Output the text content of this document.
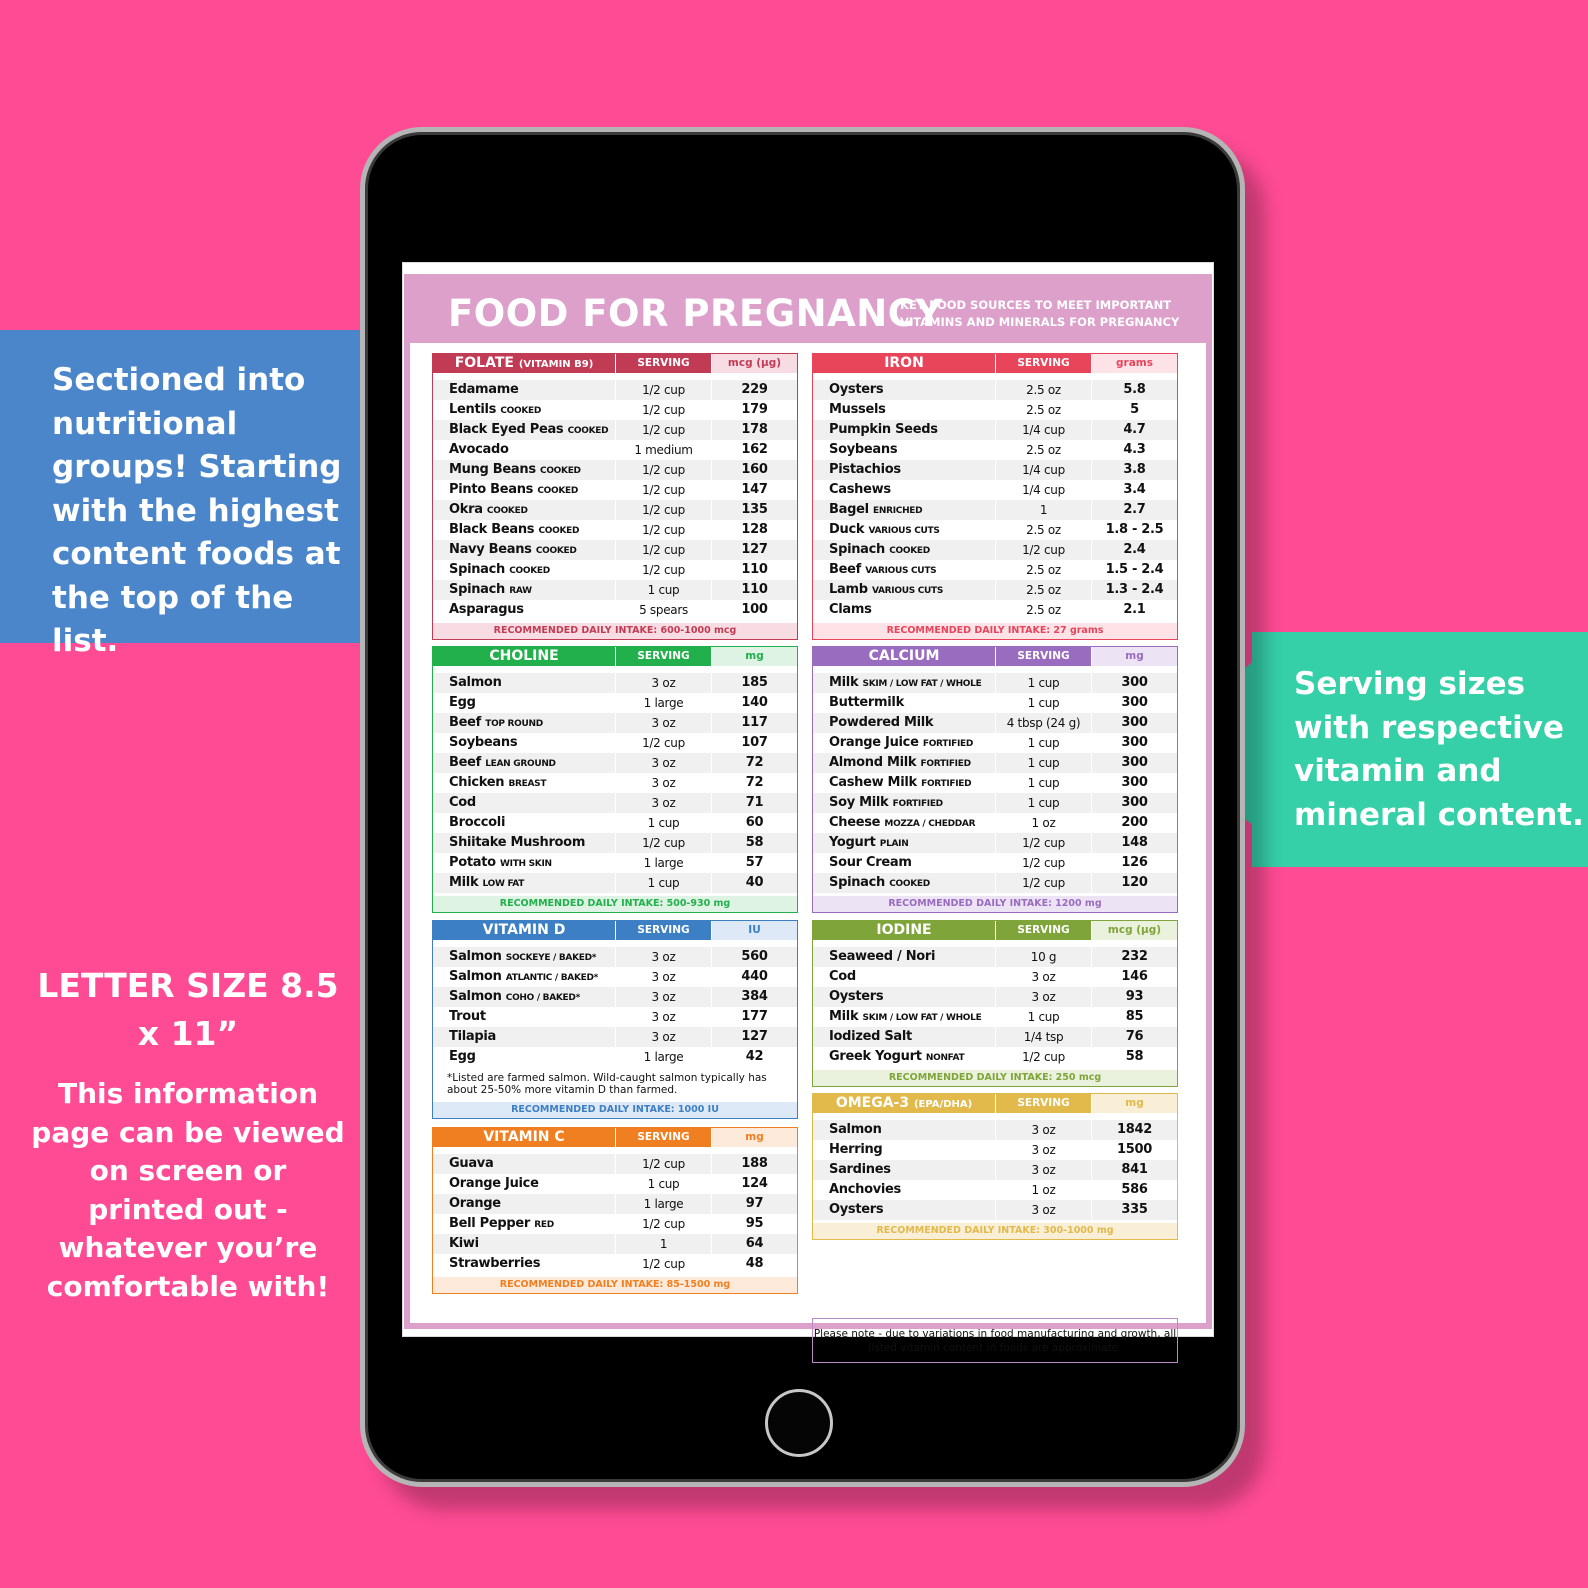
Sectioned into nutritional groups! Starting with the highest content foods at the top of the list.
Serving sizes with respective vitamin and mineral content.
LETTER SIZE 8.5 x 11”
This information page can be viewed on screen or printed out - whatever you’re comfortable with!
FOOD FOR PREGNANCY
KEY FOOD SOURCES TO MEET IMPORTANT VITAMINS AND MINERALS FOR PREGNANCY
Please note - due to variations in food manufacturing and growth, all listed vitamin content in foods are approximate.
FOLATE (VITAMIN B9)	SERVING	mcg (µg)
Edamame	1/2 cup	229
Lentils COOKED	1/2 cup	179
Black Eyed Peas COOKED	1/2 cup	178
Avocado	1 medium	162
Mung Beans COOKED	1/2 cup	160
Pinto Beans COOKED	1/2 cup	147
Okra COOKED	1/2 cup	135
Black Beans COOKED	1/2 cup	128
Navy Beans COOKED	1/2 cup	127
Spinach COOKED	1/2 cup	110
Spinach RAW	1 cup	110
Asparagus	5 spears	100
RECOMMENDED DAILY INTAKE: 600-1000 mcg
IRON	SERVING	grams
Oysters	2.5 oz	5.8
Mussels	2.5 oz	5
Pumpkin Seeds	1/4 cup	4.7
Soybeans	2.5 oz	4.3
Pistachios	1/4 cup	3.8
Cashews	1/4 cup	3.4
Bagel ENRICHED	1	2.7
Duck VARIOUS CUTS	2.5 oz	1.8 - 2.5
Spinach COOKED	1/2 cup	2.4
Beef VARIOUS CUTS	2.5 oz	1.5 - 2.4
Lamb VARIOUS CUTS	2.5 oz	1.3 - 2.4
Clams	2.5 oz	2.1
RECOMMENDED DAILY INTAKE: 27 grams
CHOLINE	SERVING	mg
Salmon	3 oz	185
Egg	1 large	140
Beef TOP ROUND	3 oz	117
Soybeans	1/2 cup	107
Beef LEAN GROUND	3 oz	72
Chicken BREAST	3 oz	72
Cod	3 oz	71
Broccoli	1 cup	60
Shiitake Mushroom	1/2 cup	58
Potato WITH SKIN	1 large	57
Milk LOW FAT	1 cup	40
RECOMMENDED DAILY INTAKE: 500-930 mg
CALCIUM	SERVING	mg
Milk SKIM / LOW FAT / WHOLE	1 cup	300
Buttermilk	1 cup	300
Powdered Milk	4 tbsp (24 g)	300
Orange Juice FORTIFIED	1 cup	300
Almond Milk FORTIFIED	1 cup	300
Cashew Milk FORTIFIED	1 cup	300
Soy Milk FORTIFIED	1 cup	300
Cheese MOZZA / CHEDDAR	1 oz	200
Yogurt PLAIN	1/2 cup	148
Sour Cream	1/2 cup	126
Spinach COOKED	1/2 cup	120
RECOMMENDED DAILY INTAKE: 1200 mg
VITAMIN D	SERVING	IU
Salmon SOCKEYE / BAKED*	3 oz	560
Salmon ATLANTIC / BAKED*	3 oz	440
Salmon COHO / BAKED*	3 oz	384
Trout	3 oz	177
Tilapia	3 oz	127
Egg	1 large	42
*Listed are farmed salmon. Wild-caught salmon typically has about 25-50% more vitamin D than farmed.
RECOMMENDED DAILY INTAKE: 1000 IU
IODINE	SERVING	mcg (µg)
Seaweed / Nori	10 g	232
Cod	3 oz	146
Oysters	3 oz	93
Milk SKIM / LOW FAT / WHOLE	1 cup	85
Iodized Salt	1/4 tsp	76
Greek Yogurt NONFAT	1/2 cup	58
RECOMMENDED DAILY INTAKE: 250 mcg
VITAMIN C	SERVING	mg
Guava	1/2 cup	188
Orange Juice	1 cup	124
Orange	1 large	97
Bell Pepper RED	1/2 cup	95
Kiwi	1	64
Strawberries	1/2 cup	48
RECOMMENDED DAILY INTAKE: 85-1500 mg
OMEGA-3 (EPA/DHA)	SERVING	mg
Salmon	3 oz	1842
Herring	3 oz	1500
Sardines	3 oz	841
Anchovies	1 oz	586
Oysters	3 oz	335
RECOMMENDED DAILY INTAKE: 300-1000 mg
